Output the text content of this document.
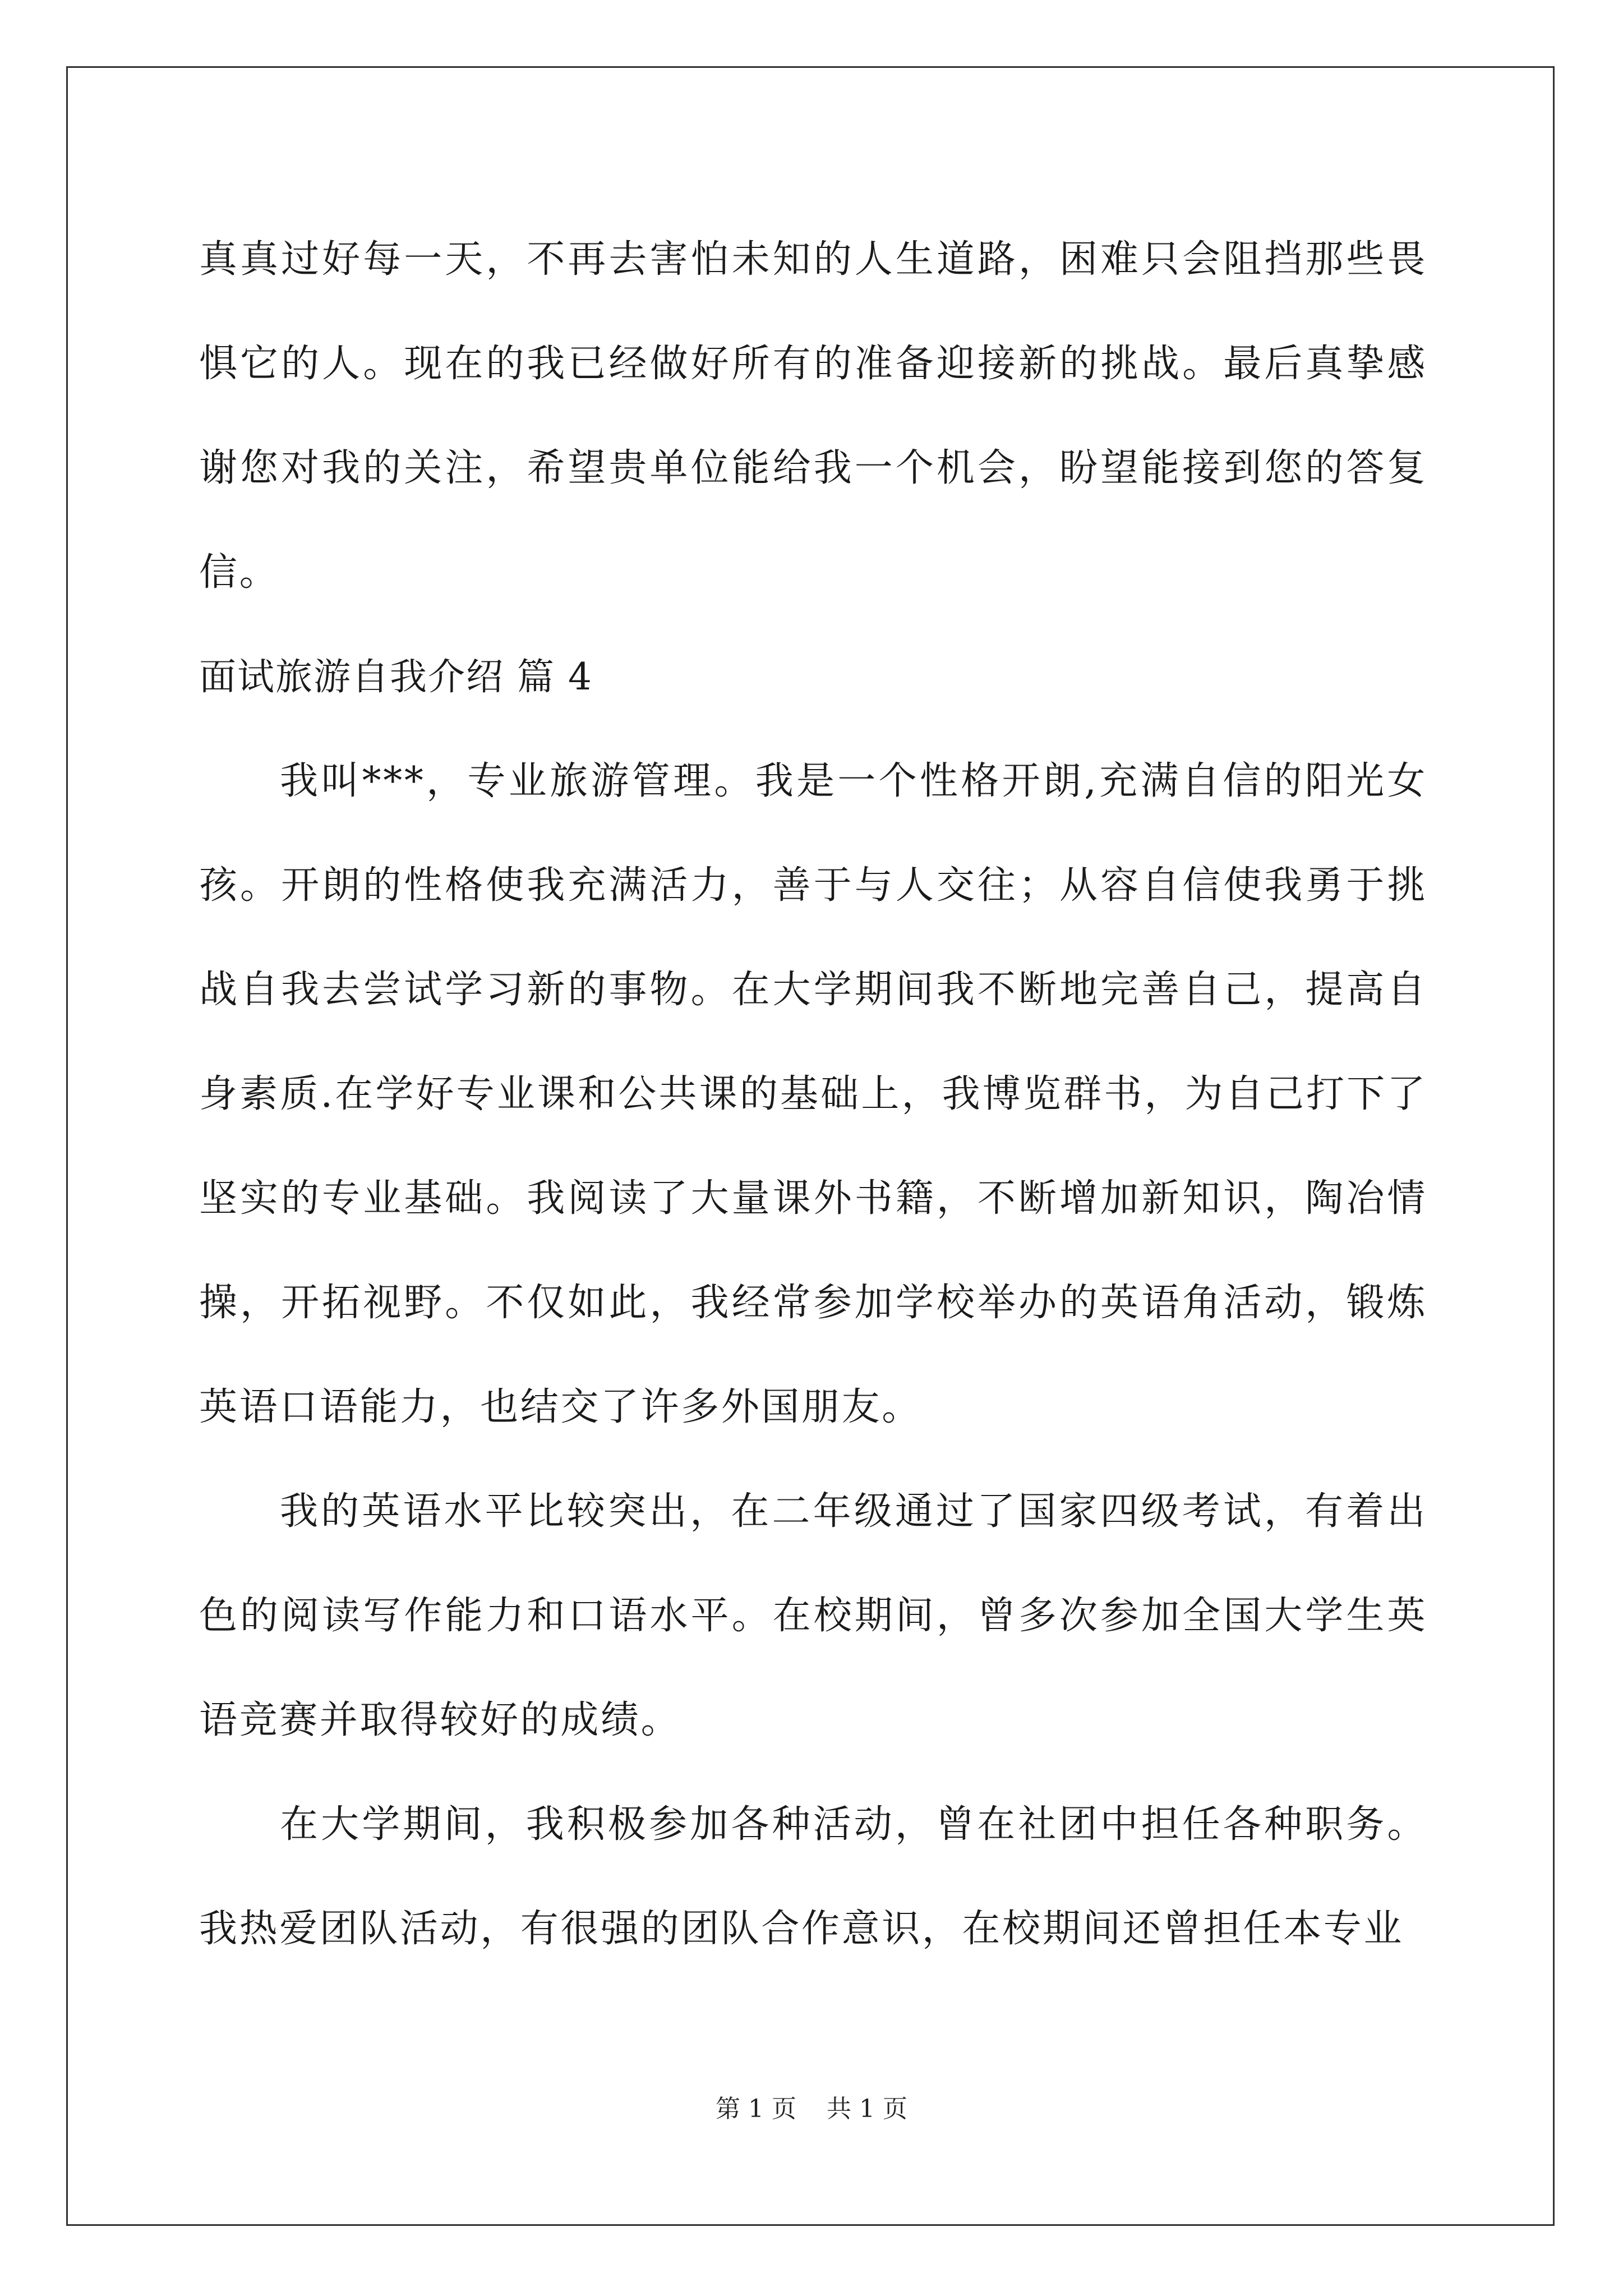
真真过好每一天，不再去害怕未知的人生道路，困难只会阻挡那些畏惧它的人。现在的我已经做好所有的准备迎接新的挑战。最后真挚感谢您对我的关注，希望贵单位能给我一个机会，盼望能接到您的答复信。

面试旅游自我介绍 篇 4

我叫***，专业旅游管理。我是一个性格开朗,充满自信的阳光女孩。开朗的性格使我充满活力，善于与人交往；从容自信使我勇于挑战自我去尝试学习新的事物。在大学期间我不断地完善自己，提高自身素质.在学好专业课和公共课的基础上，我博览群书，为自己打下了坚实的专业基础。我阅读了大量课外书籍，不断增加新知识，陶冶情操，开拓视野。不仅如此，我经常参加学校举办的英语角活动，锻炼英语口语能力，也结交了许多外国朋友。

我的英语水平比较突出，在二年级通过了国家四级考试，有着出色的阅读写作能力和口语水平。在校期间，曾多次参加全国大学生英语竞赛并取得较好的成绩。

在大学期间，我积极参加各种活动，曾在社团中担任各种职务。我热爱团队活动，有很强的团队合作意识，在校期间还曾担任本专业

第 1 页 共 1 页
